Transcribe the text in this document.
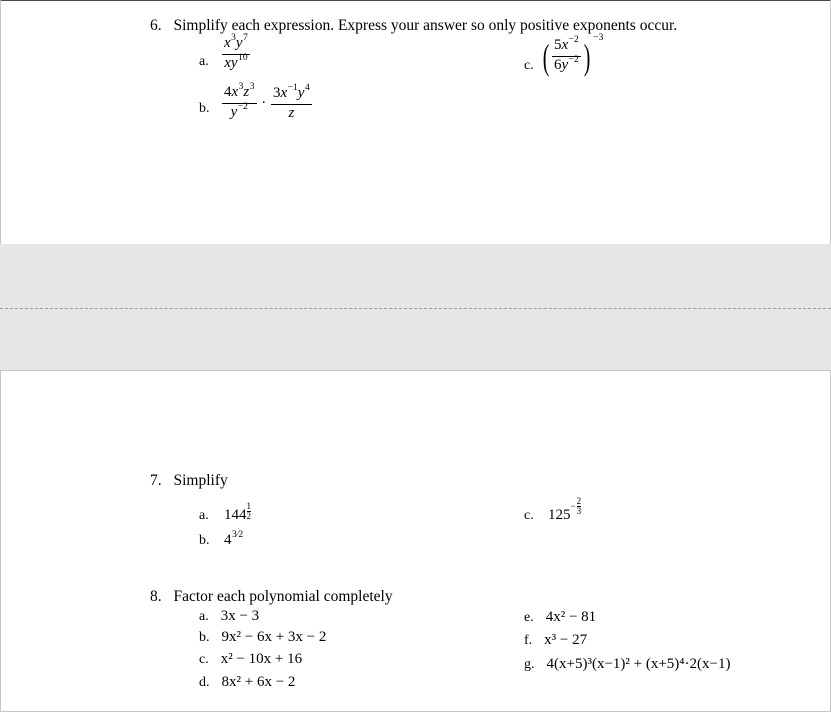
6. Simplify each expression. Express your answer so only positive exponents occur.
a. $\frac{x^3y^7}{xy^{10}}$
b. $\frac{4x^3z^3}{y^{-2}} \cdot \frac{3x^{-1}y^4}{z}$
c. ( $\frac{5x^{-2}}{6y^{-2}}$ ) $^{-3}$
7. Simplify
a. $144 \frac{1}{2}$
b. $4^{3⁄2}$
c. 125
− 2
3
8. Factor each polynomial completely
a. 3x − 3
b. 9x² − 6x + 3x − 2
c. x² − 10x + 16
d. 8x² + 6x − 2
e. 4x² − 81
f. x³ − 27
g. 4(x+5)³(x−1)² + (x+5)⁴·2(x−1)
